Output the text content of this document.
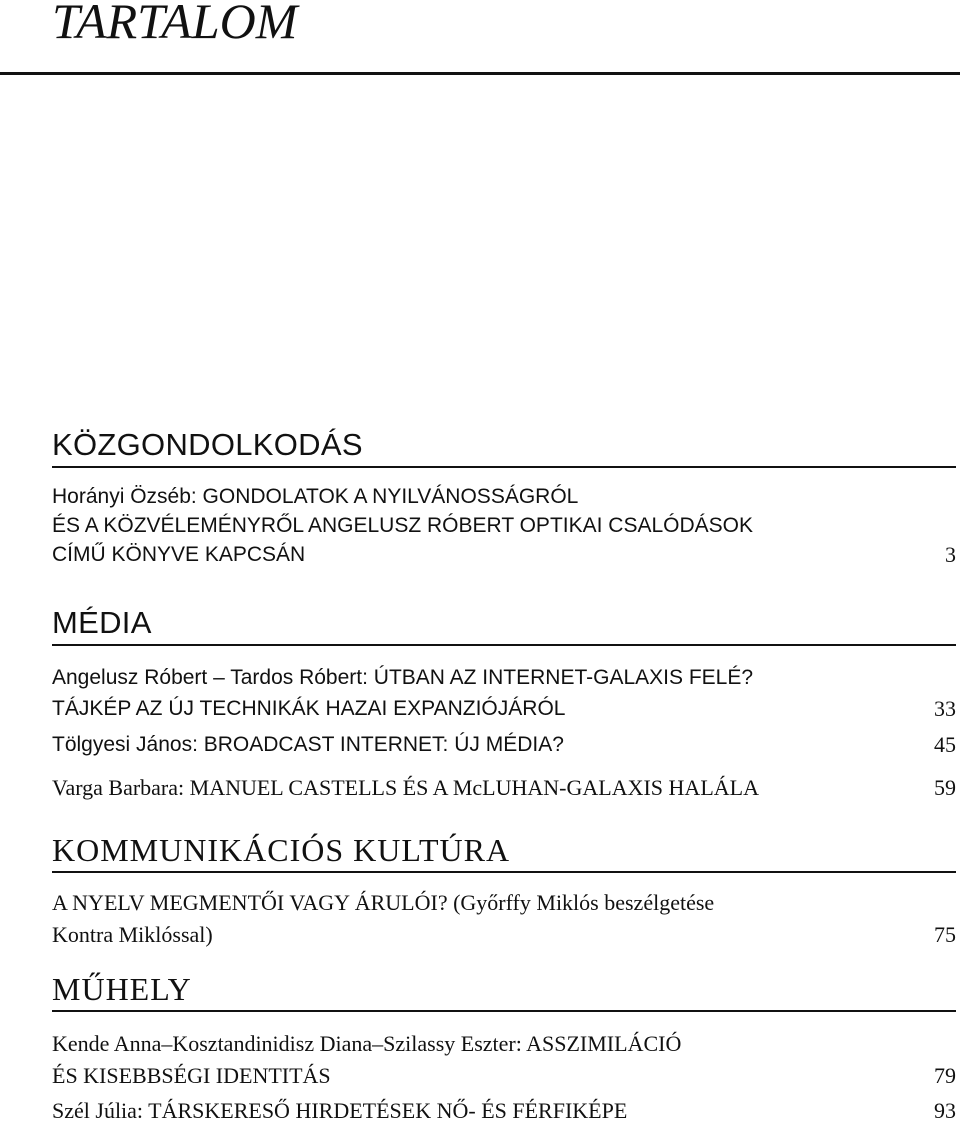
TARTALOM
KÖZGONDOLKODÁS
Horányi Özséb: GONDOLATOK A NYILVÁNOSSÁGRÓL
ÉS A KÖZVÉLEMÉNYRŐL ANGELUSZ RÓBERT OPTIKAI CSALÓDÁSOK
CÍMŰ KÖNYVE KAPCSÁN	3
MÉDIA
Angelusz Róbert – Tardos Róbert: ÚTBAN AZ INTERNET-GALAXIS FELÉ?
TÁJKÉP AZ ÚJ TECHNIKÁK HAZAI EXPANZIÓJÁRÓL	33
Tölgyesi János: BROADCAST INTERNET: ÚJ MÉDIA?	45
Varga Barbara: MANUEL CASTELLS ÉS A McLUHAN-GALAXIS HALÁLA	59
KOMMUNIKÁCIÓS KULTÚRA
A NYELV MEGMENTŐI VAGY ÁRULÓI? (Győrffy Miklós beszélgetése
Kontra Miklóssal)	75
MŰHELY
Kende Anna–Kosztandinidisz Diana–Szilassy Eszter: ASSZIMILÁCIÓ
ÉS KISEBBSÉGI IDENTITÁS	79
Szél Júlia: TÁRSKERESŐ HIRDETÉSEK NŐ- ÉS FÉRFIKÉPE	93
